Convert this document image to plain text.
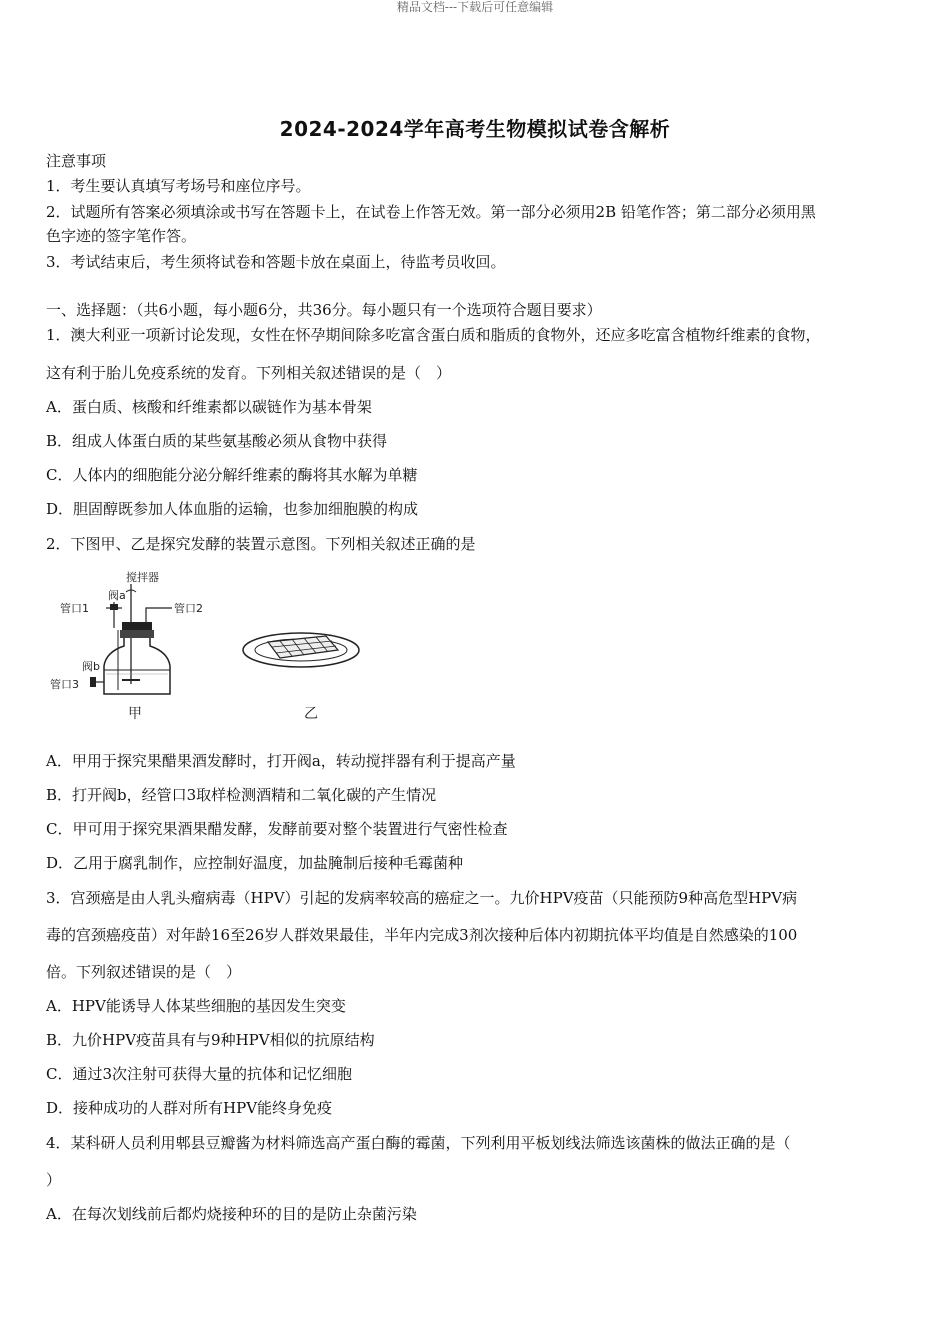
精品文档---下载后可任意编辑
2024-2024学年高考生物模拟试卷含解析
注意事项
1．考生要认真填写考场号和座位序号。
2．试题所有答案必须填涂或书写在答题卡上，在试卷上作答无效。第一部分必须用2B 铅笔作答；第二部分必须用黑
色字迹的签字笔作答。
3．考试结束后，考生须将试卷和答题卡放在桌面上，待监考员收回。
一、选择题：（共6小题，每小题6分，共36分。每小题只有一个选项符合题目要求）
1．澳大利亚一项新讨论发现，女性在怀孕期间除多吃富含蛋白质和脂质的食物外，还应多吃富含植物纤维素的食物，
这有利于胎儿免疫系统的发育。下列相关叙述错误的是（　）
A．蛋白质、核酸和纤维素都以碳链作为基本骨架
B．组成人体蛋白质的某些氨基酸必须从食物中获得
C．人体内的细胞能分泌分解纤维素的酶将其水解为单糖
D．胆固醇既参加人体血脂的运输，也参加细胞膜的构成
2．下图甲、乙是探究发酵的装置示意图。下列相关叙述正确的是
搅拌器
阀a
管口1	管口2
阀b
管口3
甲	乙
A．甲用于探究果醋果酒发酵时，打开阀a，转动搅拌器有利于提高产量
B．打开阀b，经管口3取样检测酒精和二氧化碳的产生情况
C．甲可用于探究果酒果醋发酵，发酵前要对整个装置进行气密性检查
D．乙用于腐乳制作，应控制好温度，加盐腌制后接种毛霉菌种
3．宫颈癌是由人乳头瘤病毒（HPV）引起的发病率较高的癌症之一。九价HPV疫苗（只能预防9种高危型HPV病
毒的宫颈癌疫苗）对年龄16至26岁人群效果最佳，半年内完成3剂次接种后体内初期抗体平均值是自然感染的100
倍。下列叙述错误的是（　）
A．HPV能诱导人体某些细胞的基因发生突变
B．九价HPV疫苗具有与9种HPV相似的抗原结构
C．通过3次注射可获得大量的抗体和记忆细胞
D．接种成功的人群对所有HPV能终身免疫
4．某科研人员利用郫县豆瓣酱为材料筛选高产蛋白酶的霉菌，下列利用平板划线法筛选该菌株的做法正确的是（
）
A．在每次划线前后都灼烧接种环的目的是防止杂菌污染
